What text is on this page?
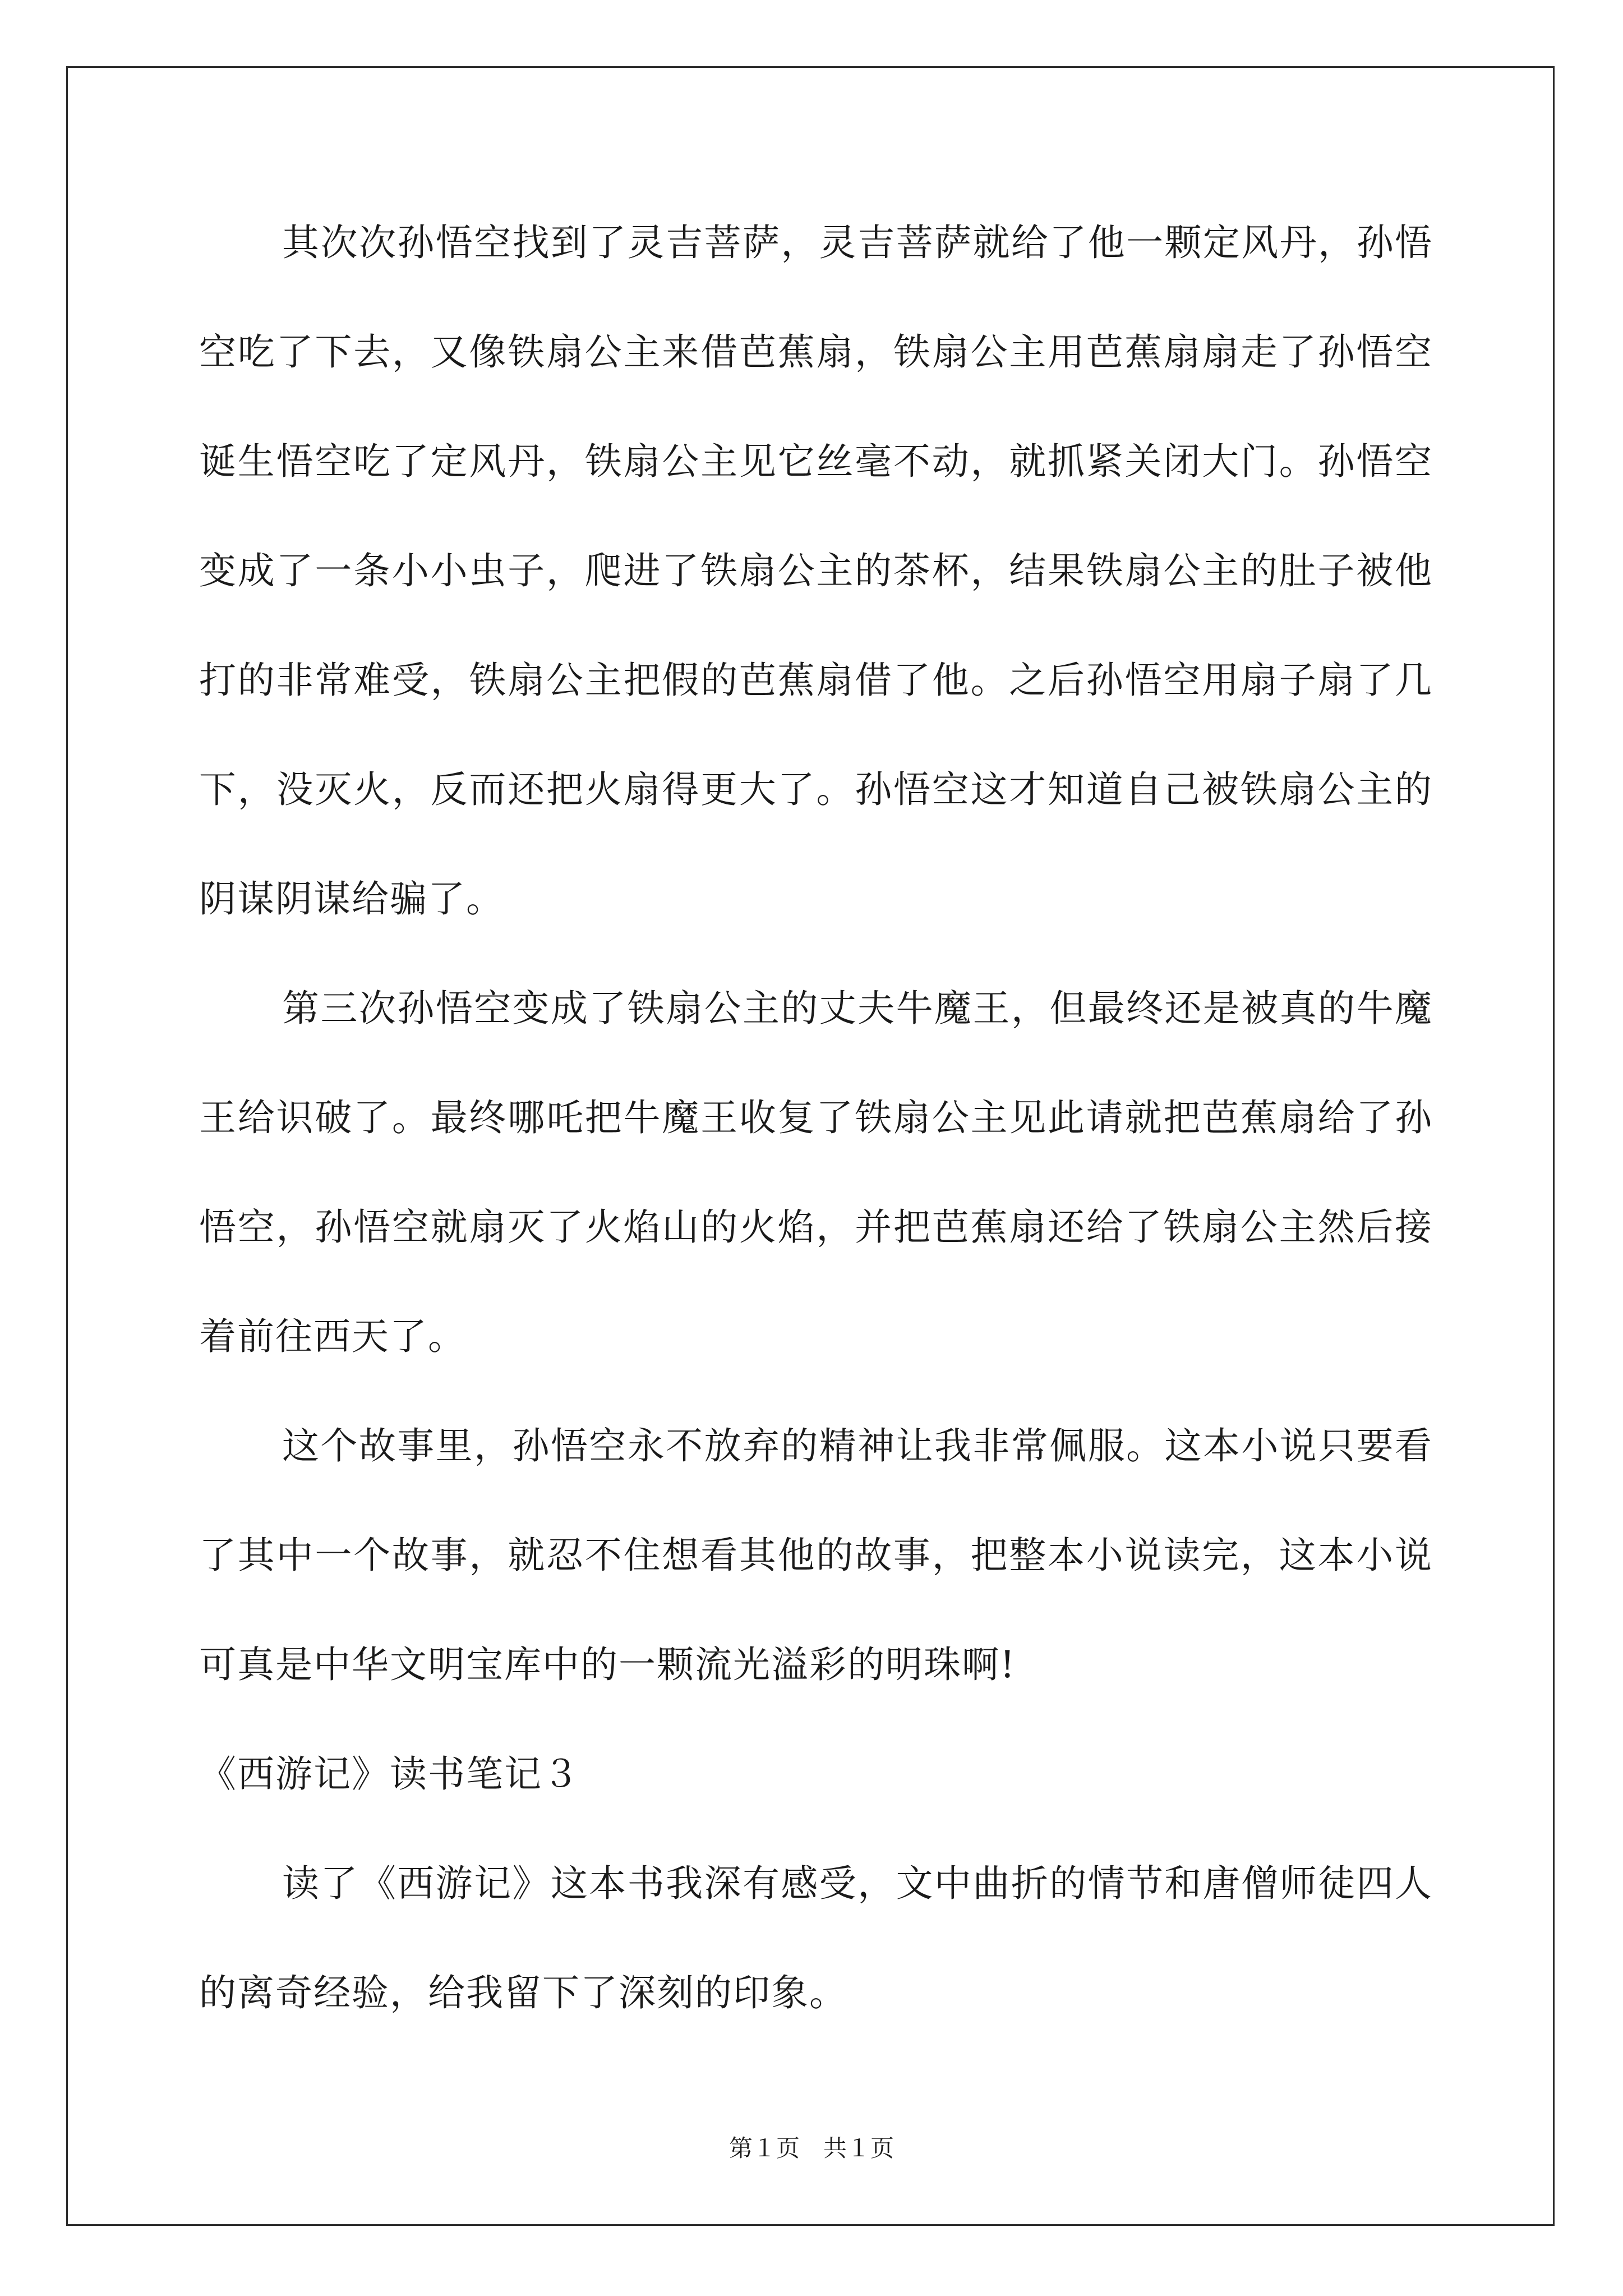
其次次孙悟空找到了灵吉菩萨，灵吉菩萨就给了他一颗定风丹，孙悟空吃了下去，又像铁扇公主来借芭蕉扇，铁扇公主用芭蕉扇扇走了孙悟空诞生悟空吃了定风丹，铁扇公主见它丝毫不动，就抓紧关闭大门。孙悟空变成了一条小小虫子，爬进了铁扇公主的茶杯，结果铁扇公主的肚子被他打的非常难受，铁扇公主把假的芭蕉扇借了他。之后孙悟空用扇子扇了几下，没灭火，反而还把火扇得更大了。孙悟空这才知道自己被铁扇公主的阴谋阴谋给骗了。

第三次孙悟空变成了铁扇公主的丈夫牛魔王，但最终还是被真的牛魔王给识破了。最终哪吒把牛魔王收复了铁扇公主见此请就把芭蕉扇给了孙悟空，孙悟空就扇灭了火焰山的火焰，并把芭蕉扇还给了铁扇公主然后接着前往西天了。

这个故事里，孙悟空永不放弃的精神让我非常佩服。这本小说只要看了其中一个故事，就忍不住想看其他的故事，把整本小说读完，这本小说可真是中华文明宝库中的一颗流光溢彩的明珠啊!

《西游记》读书笔记３

读了《西游记》这本书我深有感受，文中曲折的情节和唐僧师徒四人的离奇经验，给我留下了深刻的印象。

第１页　共１页
